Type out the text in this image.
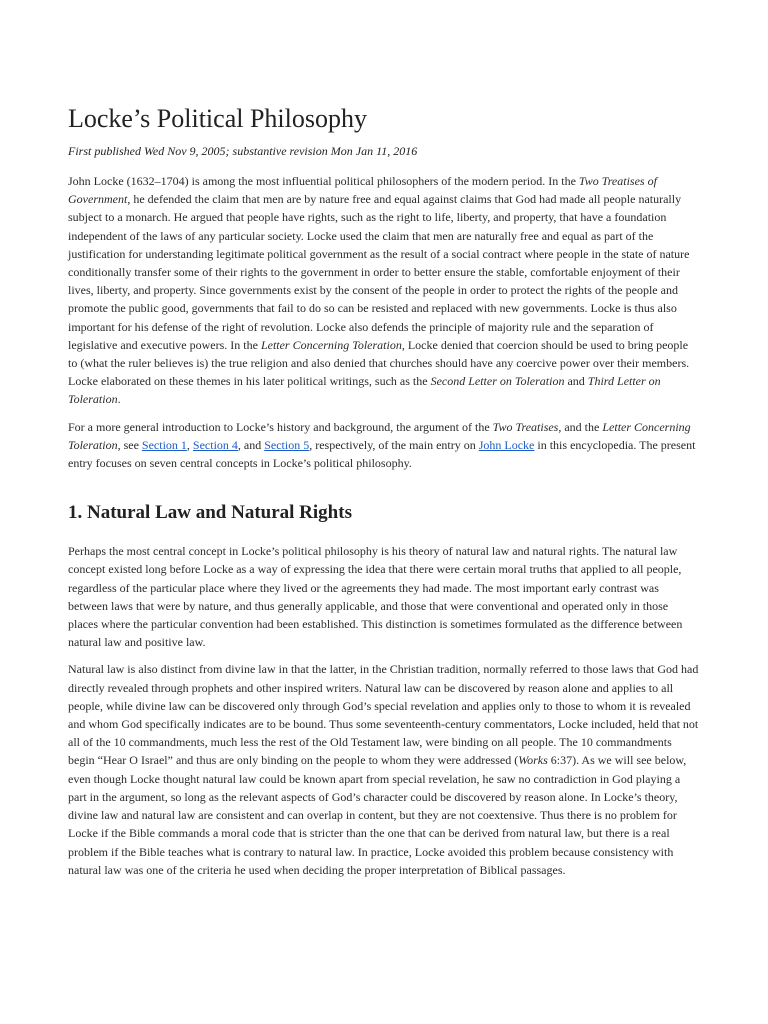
Locke’s Political Philosophy
First published Wed Nov 9, 2005; substantive revision Mon Jan 11, 2016

John Locke (1632–1704) is among the most influential political philosophers of the modern period. In the Two Treatises of Government, he defended the claim that men are by nature free and equal against claims that God had made all people naturally subject to a monarch. He argued that people have rights, such as the right to life, liberty, and property, that have a foundation independent of the laws of any particular society. Locke used the claim that men are naturally free and equal as part of the justification for understanding legitimate political government as the result of a social contract where people in the state of nature conditionally transfer some of their rights to the government in order to better ensure the stable, comfortable enjoyment of their lives, liberty, and property. Since governments exist by the consent of the people in order to protect the rights of the people and promote the public good, governments that fail to do so can be resisted and replaced with new governments. Locke is thus also important for his defense of the right of revolution. Locke also defends the principle of majority rule and the separation of legislative and executive powers. In the Letter Concerning Toleration, Locke denied that coercion should be used to bring people to (what the ruler believes is) the true religion and also denied that churches should have any coercive power over their members. Locke elaborated on these themes in his later political writings, such as the Second Letter on Toleration and Third Letter on Toleration.

For a more general introduction to Locke’s history and background, the argument of the Two Treatises, and the Letter Concerning Toleration, see Section 1, Section 4, and Section 5, respectively, of the main entry on John Locke in this encyclopedia. The present entry focuses on seven central concepts in Locke’s political philosophy.

1. Natural Law and Natural Rights

Perhaps the most central concept in Locke’s political philosophy is his theory of natural law and natural rights. The natural law concept existed long before Locke as a way of expressing the idea that there were certain moral truths that applied to all people, regardless of the particular place where they lived or the agreements they had made. The most important early contrast was between laws that were by nature, and thus generally applicable, and those that were conventional and operated only in those places where the particular convention had been established. This distinction is sometimes formulated as the difference between natural law and positive law.

Natural law is also distinct from divine law in that the latter, in the Christian tradition, normally referred to those laws that God had directly revealed through prophets and other inspired writers. Natural law can be discovered by reason alone and applies to all people, while divine law can be discovered only through God’s special revelation and applies only to those to whom it is revealed and whom God specifically indicates are to be bound. Thus some seventeenth-century commentators, Locke included, held that not all of the 10 commandments, much less the rest of the Old Testament law, were binding on all people. The 10 commandments begin “Hear O Israel” and thus are only binding on the people to whom they were addressed (Works 6:37). As we will see below, even though Locke thought natural law could be known apart from special revelation, he saw no contradiction in God playing a part in the argument, so long as the relevant aspects of God’s character could be discovered by reason alone. In Locke’s theory, divine law and natural law are consistent and can overlap in content, but they are not coextensive. Thus there is no problem for Locke if the Bible commands a moral code that is stricter than the one that can be derived from natural law, but there is a real problem if the Bible teaches what is contrary to natural law. In practice, Locke avoided this problem because consistency with natural law was one of the criteria he used when deciding the proper interpretation of Biblical passages.
